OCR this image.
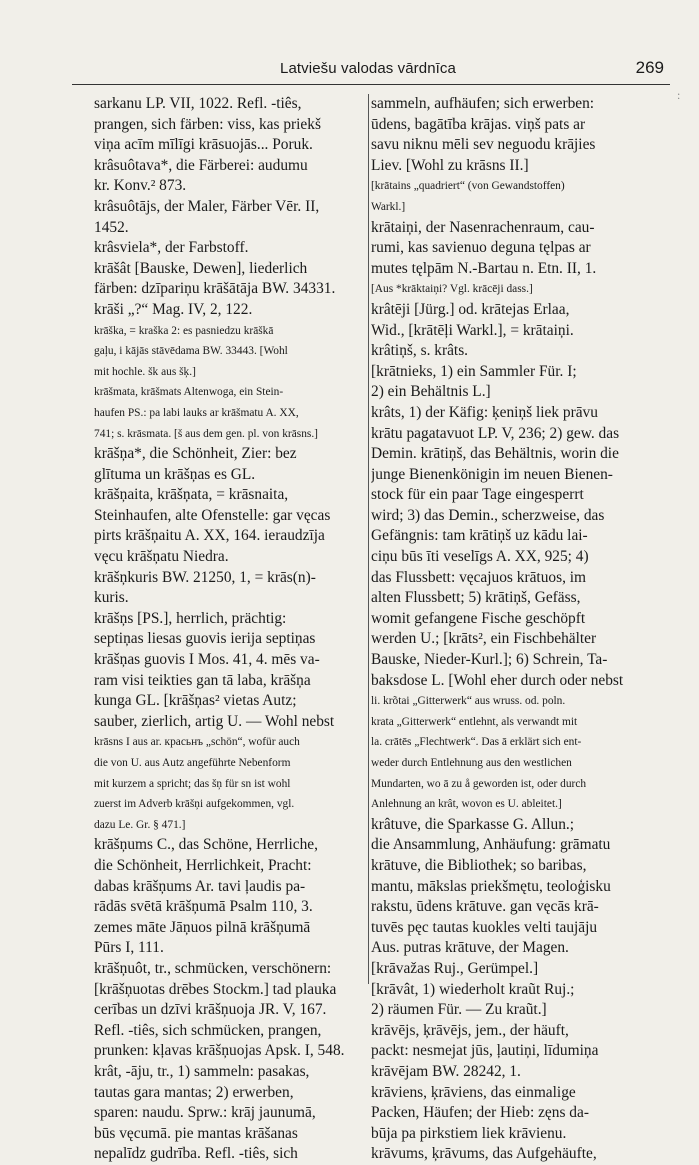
Latviešu valodas vārdnīca	269
:
sarkanu LP. VII, 1022. Refl. -tiês,
prangen, sich färben: viss, kas priekš
viņa acīm mīlīgi krāsuojās... Poruk.
krâsuôtava*, die Färberei: audumu
kr. Konv.² 873.
krâsuôtājs, der Maler, Färber Vēr. II,
1452.
krâsviela*, der Farbstoff.
krāšât [Bauske, Dewen], liederlich
färben: dzīpariņu krāšātāja BW. 34331.
krāši „?“ Mag. IV, 2, 122.
krāška, = kraška 2: es pasniedzu krāškā
gaļu, i kājās stāvēdama BW. 33443. [Wohl
mit hochle. šk aus šķ.]
krāšmata, krāšmats Altenwoga, ein Stein-
haufen PS.: pa labi lauks ar krāšmatu A. XX,
741; s. krāsmata. [š aus dem gen. pl. von krāsns.]
krāšņa*, die Schönheit, Zier: bez
glītuma un krāšņas es GL.
krāšņaita, krāšņata, = krāsnaita,
Steinhaufen, alte Ofenstelle: gar vęcas
pirts krāšņaitu A. XX, 164. ieraudzīja
vęcu krāšņatu Niedra.
krāšņkuris BW. 21250, 1, = krās(n)-
kuris.
krāšņs [PS.], herrlich, prächtig:
septiņas liesas guovis ierija septiņas
krāšņas guovis I Mos. 41, 4. mēs va-
ram visi teikties gan tā laba, krāšņa
kunga GL. [krāšņas² vietas Autz;
sauber, zierlich, artig U. — Wohl nebst
krāsns I aus ar. красьнъ „schön“, wofür auch
die von U. aus Autz angeführte Nebenform
mit kurzem a spricht; das šņ für sn ist wohl
zuerst im Adverb krāšņi aufgekommen, vgl.
dazu Le. Gr. § 471.]
krāšņums C., das Schöne, Herrliche,
die Schönheit, Herrlichkeit, Pracht:
dabas krāšņums Ar. tavi ļaudis pa-
rādās svētā krāšņumā Psalm 110, 3.
zemes māte Jāņuos pilnā krāšņumā
Pūrs I, 111.
krāšņuôt, tr., schmücken, verschönern:
[krāšņuotas drēbes Stockm.] tad plauka
cerības un dzīvi krāšņuoja JR. V, 167.
Refl. -tiês, sich schmücken, prangen,
prunken: kļavas krāšņuojas Apsk. I, 548.
krât, -āju, tr., 1) sammeln: pasakas,
tautas gara mantas; 2) erwerben,
sparen: naudu. Sprw.: krāj jaunumā,
būs vęcumā. pie mantas krāšanas
nepalīdz gudrība. Refl. -tiês, sich
sammeln, aufhäufen; sich erwerben:
ūdens, bagātība krājas. viņš pats ar
savu niknu mēli sev neguodu krājies
Liev. [Wohl zu krāsns II.]
[krātains „quadriert“ (von Gewandstoffen)
Warkl.]
krātaiņi, der Nasenrachenraum, cau-
rumi, kas savienuo deguna tęlpas ar
mutes tęlpām N.-Bartau n. Etn. II, 1.
[Aus *krāktaiņi? Vgl. krācēji dass.]
krâtēji [Jürg.] od. krātejas Erlaa,
Wid., [krātēļi Warkl.], = krātaiņi.
krâtiņš, s. krâts.
[krātnieks, 1) ein Sammler Für. I;
2) ein Behältnis L.]
krâts, 1) der Käfig: ķeniņš liek prāvu
krātu pagatavuot LP. V, 236; 2) gew. das
Demin. krātiņš, das Behältnis, worin die
junge Bienenkönigin im neuen Bienen-
stock für ein paar Tage eingesperrt
wird; 3) das Demin., scherzweise, das
Gefängnis: tam krātiņš uz kādu lai-
ciņu būs īti veselīgs A. XX, 925; 4)
das Flussbett: vęcajuos krātuos, im
alten Flussbett; 5) krātiņš, Gefäss,
womit gefangene Fische geschöpft
werden U.; [krāts², ein Fischbehälter
Bauske, Nieder-Kurl.]; 6) Schrein, Ta-
baksdose L. [Wohl eher durch oder nebst
li. krõtai „Gitterwerk“ aus wruss. od. poln.
krata „Gitterwerk“ entlehnt, als verwandt mit
la. crātēs „Flechtwerk“. Das ā erklärt sich ent-
weder durch Entlehnung aus den westlichen
Mundarten, wo ā zu å geworden ist, oder durch
Anlehnung an krât, wovon es U. ableitet.]
krâtuve, die Sparkasse G. Allun.;
die Ansammlung, Anhäufung: grāmatu
krātuve, die Bibliothek; so baribas,
mantu, mākslas priekšmętu, teoloģisku
rakstu, ūdens krātuve. gan vęcās krā-
tuvēs pęc tautas kuokles velti taujāju
Aus. putras krātuve, der Magen.
[krāvažas Ruj., Gerümpel.]
[krāvât, 1) wiederholt kraũt Ruj.;
2) räumen Für. — Zu kraũt.]
krāvējs, ķrāvējs, jem., der häuft,
packt: nesmejat jūs, ļautiņi, līdumiņa
krāvējam BW. 28242, 1.
krāviens, ķrāviens, das einmalige
Packen, Häufen; der Hieb: zęns da-
būja pa pirkstiem liek krāvienu.
krāvums, ķrāvums, das Aufgehäufte,
